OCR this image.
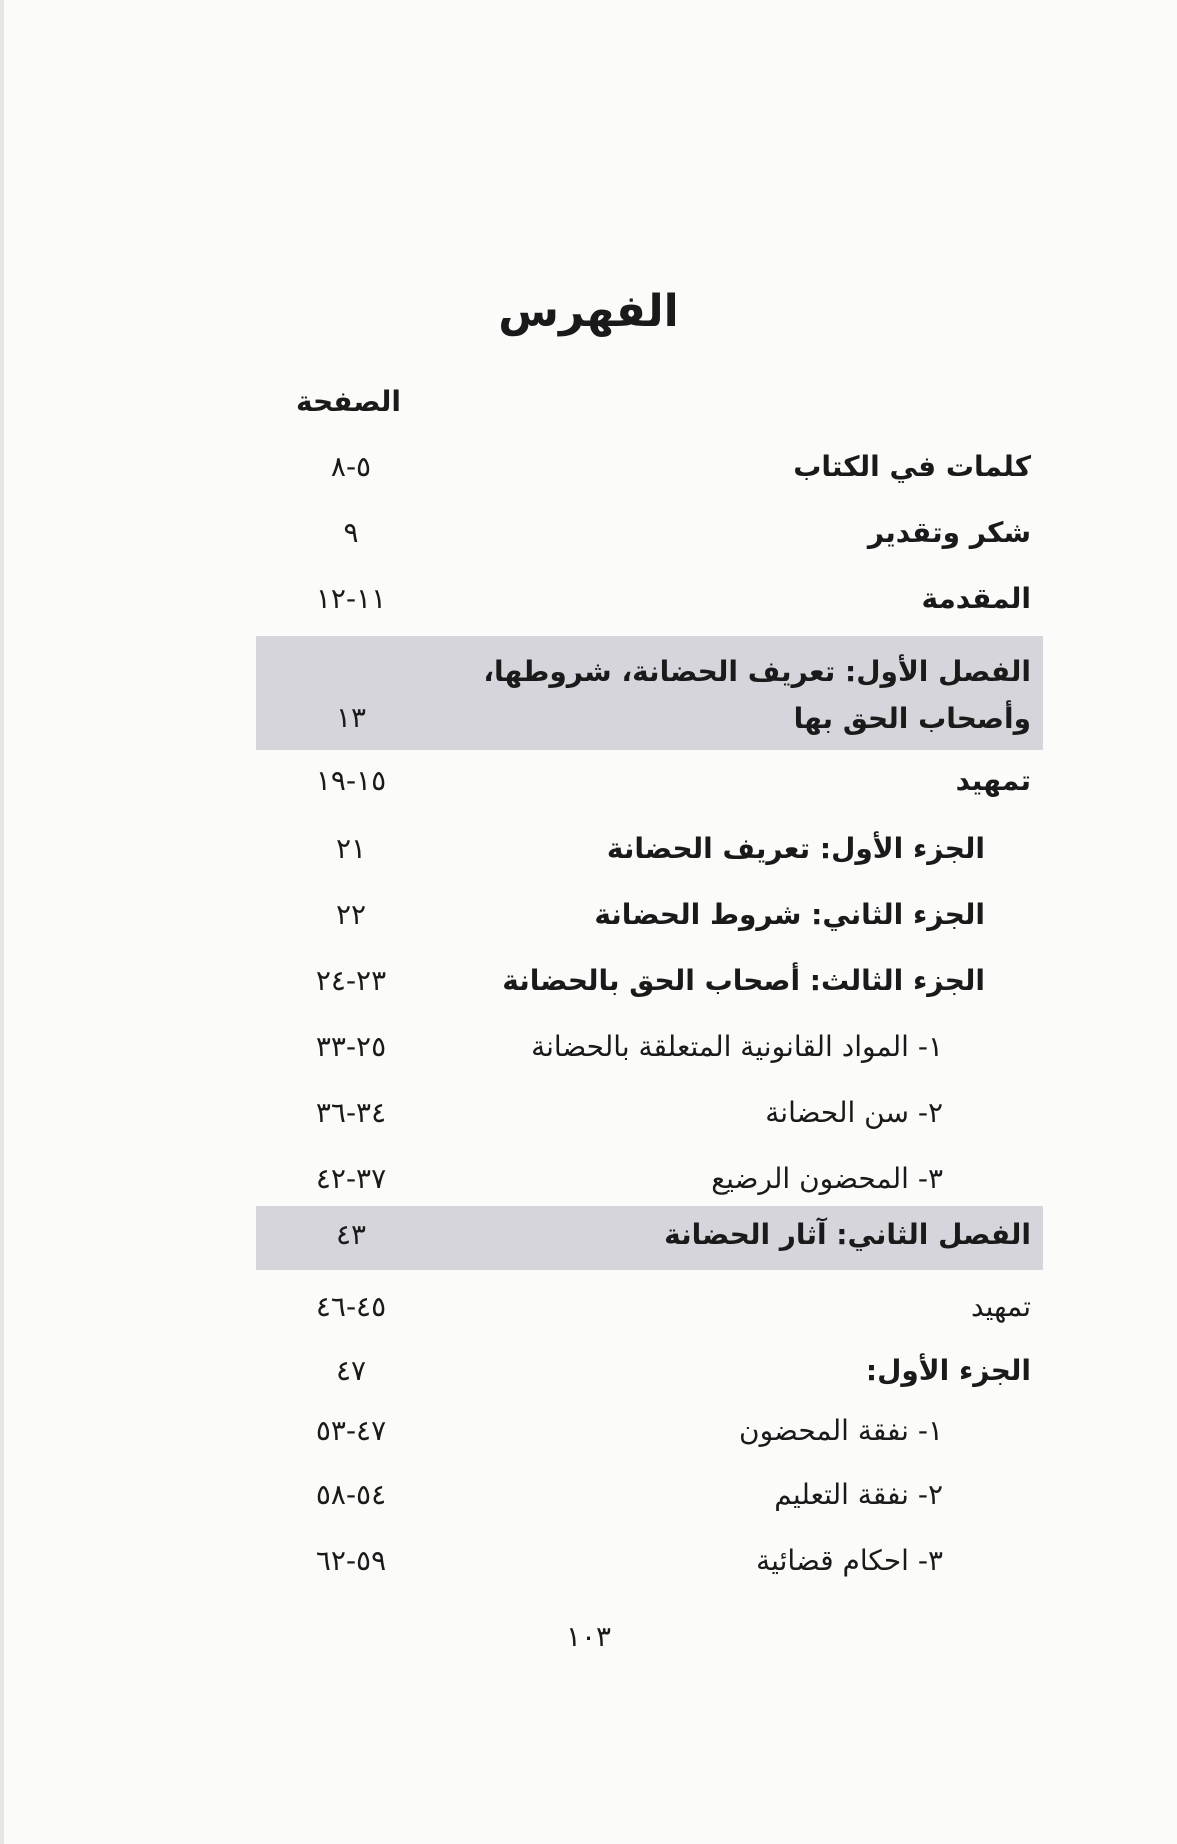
الفهرس
الصفحة
كلمات في الكتاب
٥-٨
شكر وتقدير
٩
المقدمة
١١-١٢
الفصل الأول: تعريف الحضانة، شروطها، وأصحاب الحق بها
١٣
تمهيد
١٥-١٩
الجزء الأول: تعريف الحضانة
٢١
الجزء الثاني: شروط الحضانة
٢٢
الجزء الثالث: أصحاب الحق بالحضانة
٢٣-٢٤
١- المواد القانونية المتعلقة بالحضانة
٢٥-٣٣
٢- سن الحضانة
٣٤-٣٦
٣- المحضون الرضيع
٣٧-٤٢
الفصل الثاني: آثار الحضانة
٤٣
تمهيد
٤٥-٤٦
الجزء الأول:
٤٧
١- نفقة المحضون
٤٧-٥٣
٢- نفقة التعليم
٥٤-٥٨
٣- احكام قضائية
٥٩-٦٢
١٠٣
